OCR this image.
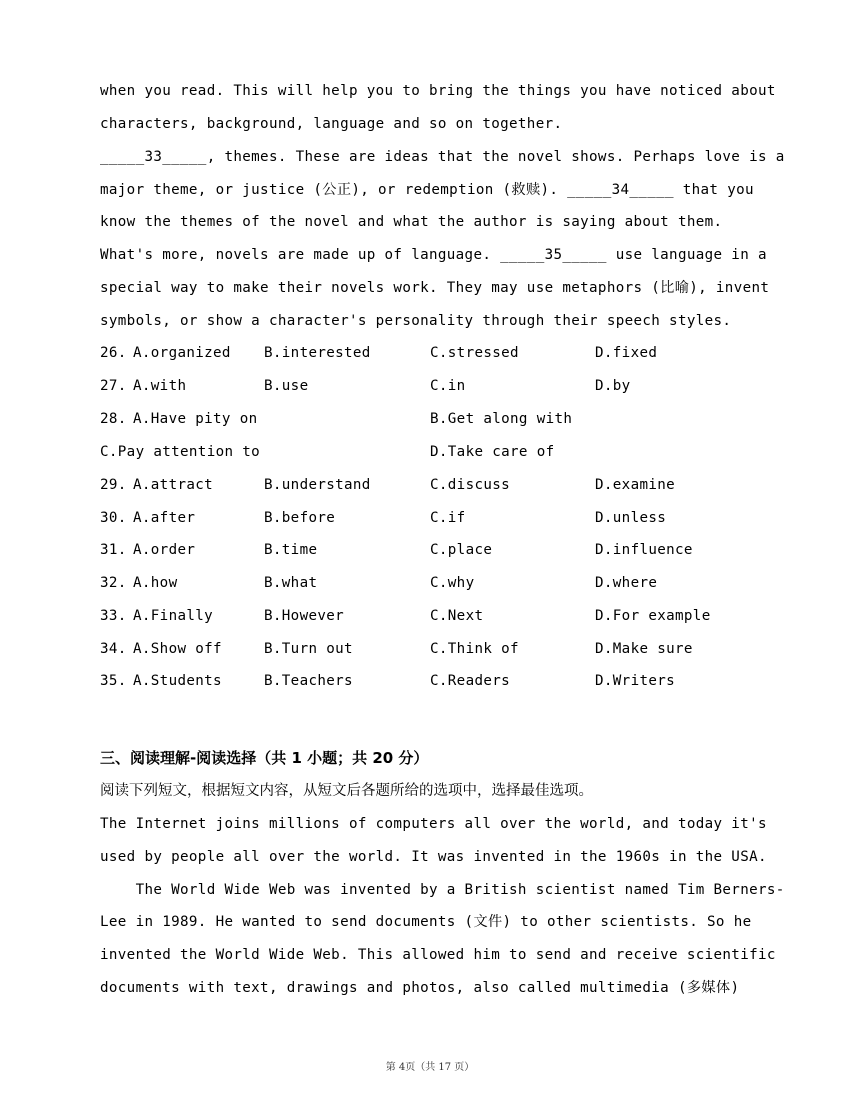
when you read. This will help you to bring the things you have noticed about
characters, background, language and so on together.
_____33_____, themes. These are ideas that the novel shows. Perhaps love is a
major theme, or justice (公正), or redemption (救赎). _____34_____ that you
know the themes of the novel and what the author is saying about them.
What's more, novels are made up of language. _____35_____ use language in a
special way to make their novels work. They may use metaphors (比喻), invent
symbols, or show a character's personality through their speech styles.
26. A.organized B.interested	C.stressed	D.fixed
27. A.with	B.use	C.in	D.by
28. A.Have pity on	B.Get along with
C.Pay attention to	D.Take care of
29. A.attract	B.understand	C.discuss	D.examine
30. A.after	B.before	C.if	D.unless
31. A.order	B.time	C.place	D.influence
32. A.how	B.what	C.why	D.where
33. A.Finally	B.However	C.Next	D.For example
34. A.Show off	B.Turn out	C.Think of	D.Make sure
35. A.Students	B.Teachers	C.Readers	D.Writers
三、阅读理解-阅读选择（共 1 小题；共 20 分）
阅读下列短文，根据短文内容，从短文后各题所给的选项中，选择最佳选项。
The Internet joins millions of computers all over the world, and today it's
used by people all over the world. It was invented in the 1960s in the USA.
The World Wide Web was invented by a British scientist named Tim Berners-
Lee in 1989. He wanted to send documents (文件) to other scientists. So he
invented the World Wide Web. This allowed him to send and receive scientific
documents with text, drawings and photos, also called multimedia (多媒体)
第 4页（共 17 页）
